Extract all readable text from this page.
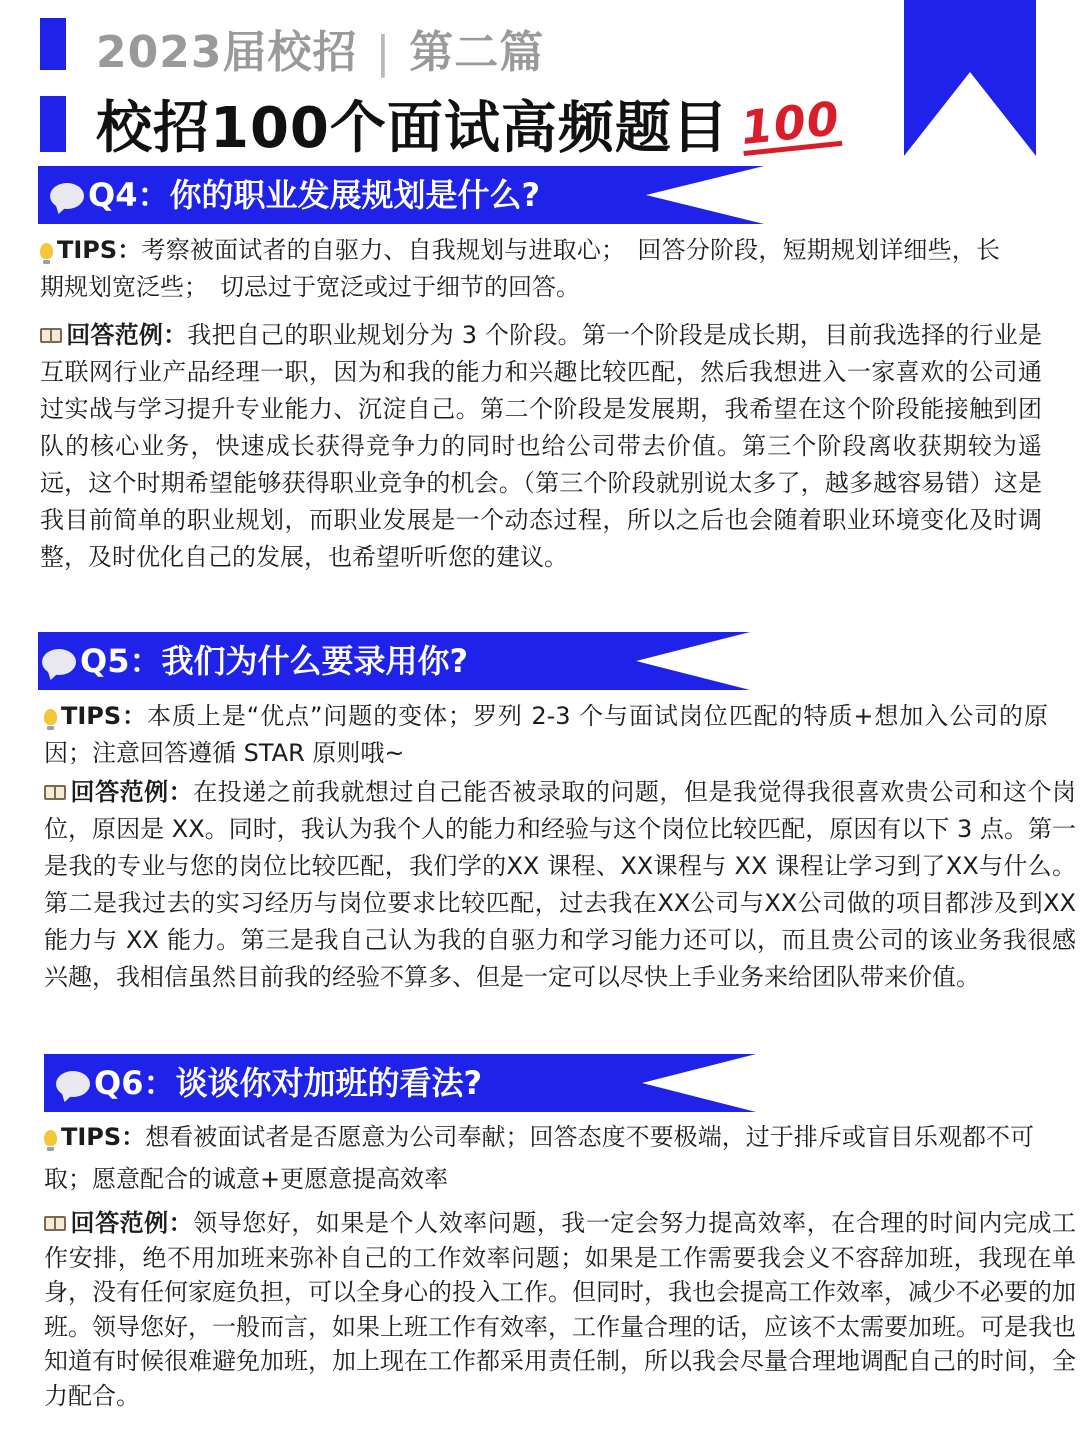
2023届校招 | 第二篇
校招100个面试高频题目 100
Q4：你的职业发展规划是什么?

TIPS：考察被面试者的自驱力、自我规划与进取心；　回答分阶段，短期规划详细些，长期规划宽泛些；　切忌过于宽泛或过于细节的回答。

回答范例：我把自己的职业规划分为 3 个阶段。第一个阶段是成长期，目前我选择的行业是互联网行业产品经理一职，因为和我的能力和兴趣比较匹配，然后我想进入一家喜欢的公司通过实战与学习提升专业能力、沉淀自己。第二个阶段是发展期，我希望在这个阶段能接触到团队的核心业务，快速成长获得竞争力的同时也给公司带去价值。第三个阶段离收获期较为遥远，这个时期希望能够获得职业竞争的机会。（第三个阶段就别说太多了，越多越容易错）这是我目前简单的职业规划，而职业发展是一个动态过程，所以之后也会随着职业环境变化及时调整，及时优化自己的发展，也希望听听您的建议。

Q5：我们为什么要录用你?

TIPS：本质上是“优点”问题的变体；罗列 2-3 个与面试岗位匹配的特质+想加入公司的原因；注意回答遵循 STAR 原则哦~

回答范例：在投递之前我就想过自己能否被录取的问题，但是我觉得我很喜欢贵公司和这个岗位，原因是 XX。同时，我认为我个人的能力和经验与这个岗位比较匹配，原因有以下 3 点。第一是我的专业与您的岗位比较匹配，我们学的XX 课程、XX课程与 XX 课程让学习到了XX与什么。第二是我过去的实习经历与岗位要求比较匹配，过去我在XX公司与XX公司做的项目都涉及到XX 能力与 XX 能力。第三是我自己认为我的自驱力和学习能力还可以，而且贵公司的该业务我很感兴趣，我相信虽然目前我的经验不算多、但是一定可以尽快上手业务来给团队带来价值。

Q6：谈谈你对加班的看法?

TIPS：想看被面试者是否愿意为公司奉献；回答态度不要极端，过于排斥或盲目乐观都不可取；愿意配合的诚意+更愿意提高效率

回答范例：领导您好，如果是个人效率问题，我一定会努力提高效率，在合理的时间内完成工作安排，绝不用加班来弥补自己的工作效率问题；如果是工作需要我会义不容辞加班，我现在单身，没有任何家庭负担，可以全身心的投入工作。但同时，我也会提高工作效率，减少不必要的加班。领导您好，一般而言，如果上班工作有效率，工作量合理的话，应该不太需要加班。可是我也知道有时候很难避免加班，加上现在工作都采用责任制，所以我会尽量合理地调配自己的时间，全力配合。
